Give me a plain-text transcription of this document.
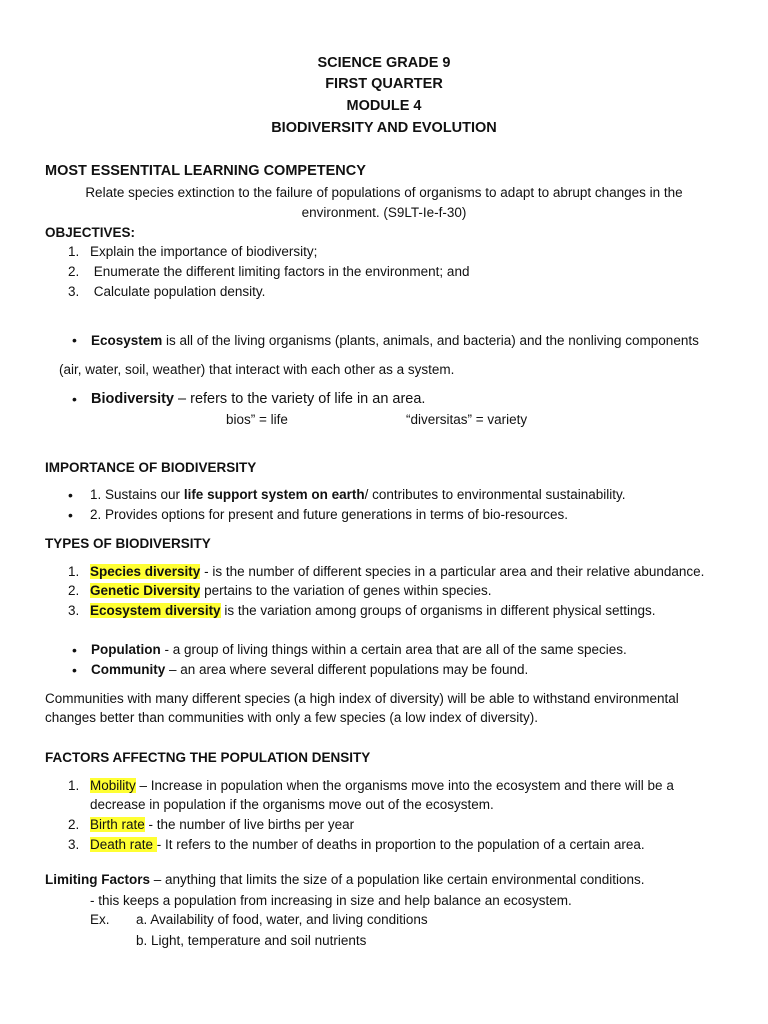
SCIENCE GRADE 9
FIRST QUARTER
MODULE 4
BIODIVERSITY AND EVOLUTION
MOST ESSENTITAL LEARNING COMPETENCY
Relate species extinction to the failure of populations of organisms to adapt to abrupt changes in the
environment. (S9LT-Ie-f-30)
OBJECTIVES:
1. Explain the importance of biodiversity;
2. Enumerate the different limiting factors in the environment; and
3. Calculate population density.
• Ecosystem is all of the living organisms (plants, animals, and bacteria) and the nonliving components
(air, water, soil, weather) that interact with each other as a system.
• Biodiversity – refers to the variety of life in an area.
bios” = life	“diversitas” = variety
IMPORTANCE OF BIODIVERSITY
• 1. Sustains our life support system on earth/ contributes to environmental sustainability.
• 2. Provides options for present and future generations in terms of bio-resources.
TYPES OF BIODIVERSITY
1. Species diversity - is the number of different species in a particular area and their relative abundance.
2. Genetic Diversity pertains to the variation of genes within species.
3. Ecosystem diversity is the variation among groups of organisms in different physical settings.
• Population - a group of living things within a certain area that are all of the same species.
• Community – an area where several different populations may be found.
Communities with many different species (a high index of diversity) will be able to withstand environmental
changes better than communities with only a few species (a low index of diversity).
FACTORS AFFECTNG THE POPULATION DENSITY
1. Mobility – Increase in population when the organisms move into the ecosystem and there will be a
decrease in population if the organisms move out of the ecosystem.
2. Birth rate - the number of live births per year
3. Death rate - It refers to the number of deaths in proportion to the population of a certain area.
Limiting Factors – anything that limits the size of a population like certain environmental conditions.
- this keeps a population from increasing in size and help balance an ecosystem.
Ex. a. Availability of food, water, and living conditions
b. Light, temperature and soil nutrients
